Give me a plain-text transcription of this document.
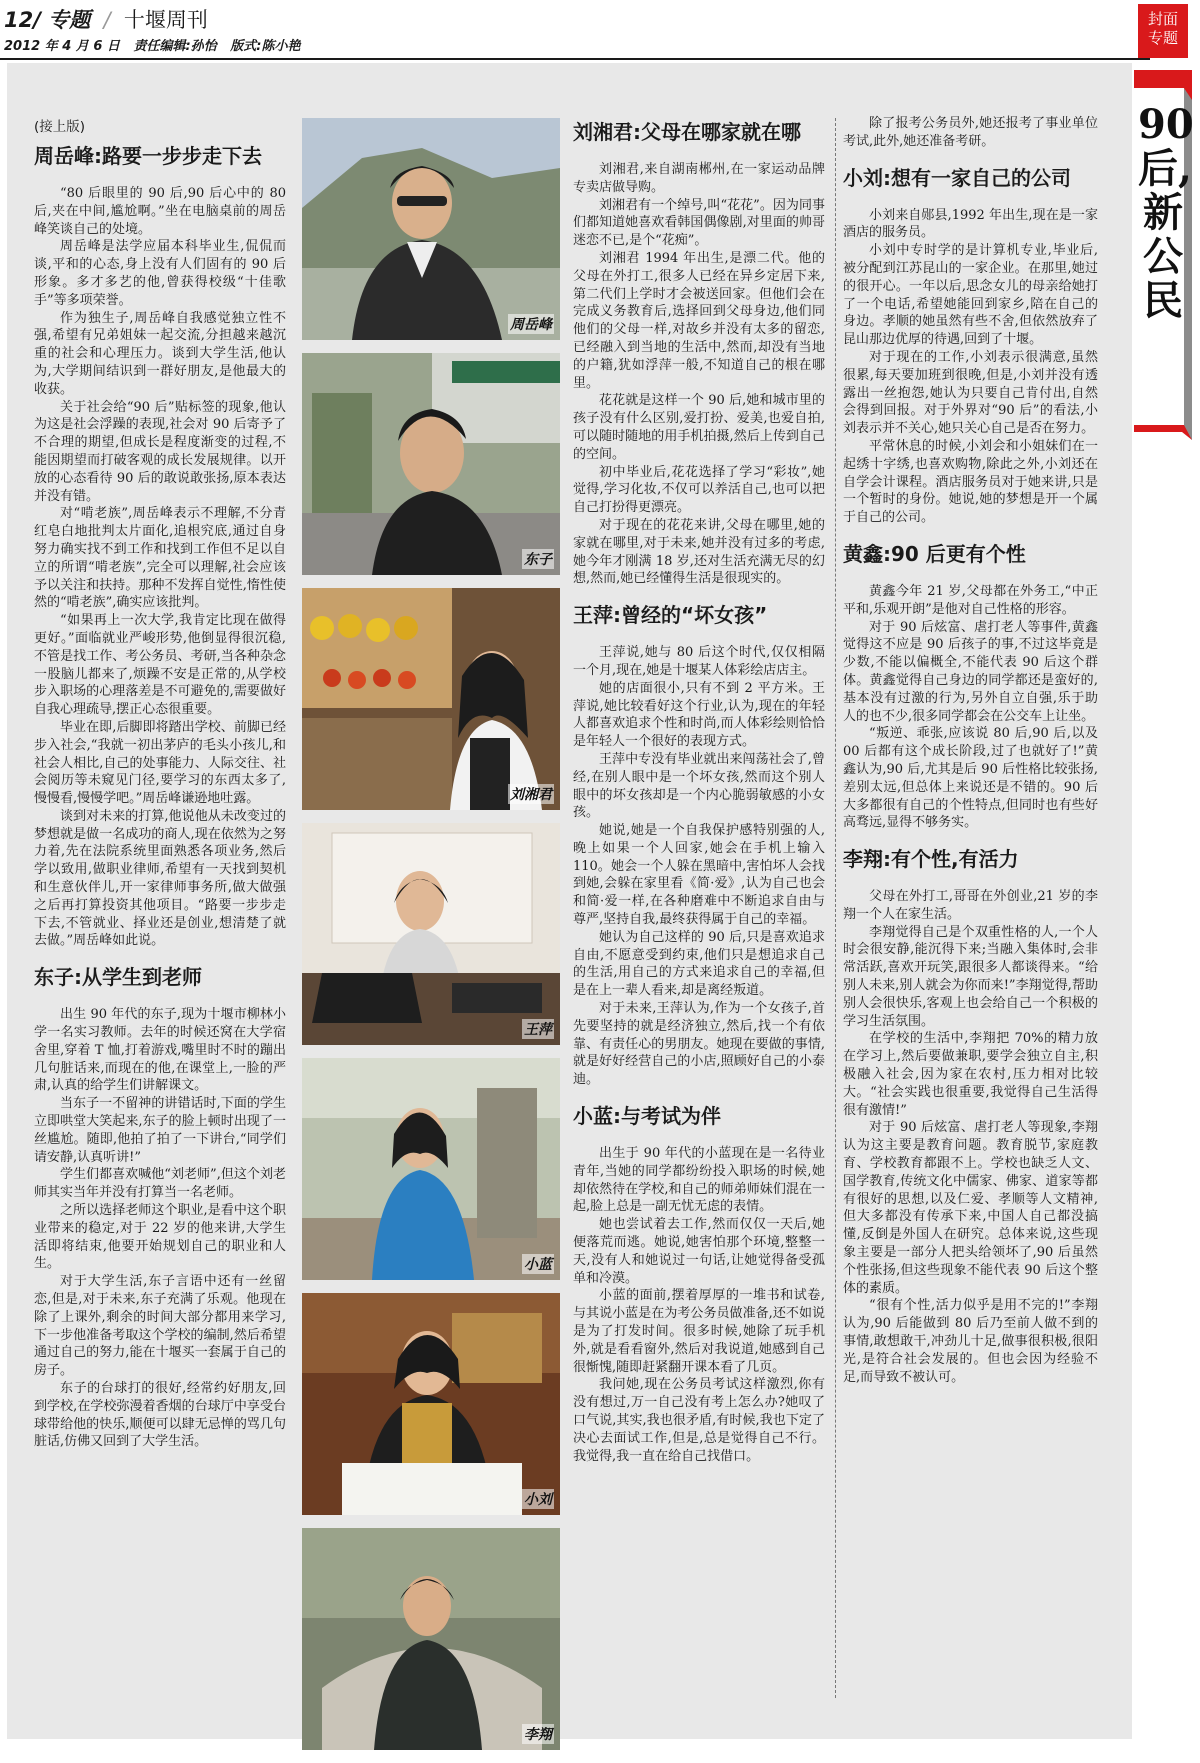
12/ 专题 / 十堰周刊
2012 年 4 月 6 日 责任编辑:孙怡 版式:陈小艳
封面
专题
90后,新公民
(接上版)
周岳峰:路要一步步走下去

“80 后眼里的 90 后,90 后心中的 80 后,夹在中间,尴尬啊。”坐在电脑桌前的周岳峰笑谈自己的处境。

周岳峰是法学应届本科毕业生,侃侃而谈,平和的心态,身上没有人们固有的 90 后形象。多才多艺的他,曾获得校级“十佳歌手”等多项荣誉。

作为独生子,周岳峰自我感觉独立性不强,希望有兄弟姐妹一起交流,分担越来越沉重的社会和心理压力。谈到大学生活,他认为,大学期间结识到一群好朋友,是他最大的收获。

关于社会给“90 后”贴标签的现象,他认为这是社会浮躁的表现,社会对 90 后寄予了不合理的期望,但成长是程度渐变的过程,不能因期望而打破客观的成长发展规律。以开放的心态看待 90 后的敢说敢张扬,原本表达并没有错。

对“啃老族”,周岳峰表示不理解,不分青红皂白地批判太片面化,追根究底,通过自身努力确实找不到工作和找到工作但不足以自立的所谓“啃老族”,完全可以理解,社会应该予以关注和扶持。那种不发挥自觉性,惰性使然的“啃老族”,确实应该批判。

“如果再上一次大学,我肯定比现在做得更好。”面临就业严峻形势,他倒显得很沉稳,不管是找工作、考公务员、考研,当各种杂念一股脑儿都来了,烦躁不安是正常的,从学校步入职场的心理落差是不可避免的,需要做好自我心理疏导,摆正心态很重要。

毕业在即,后脚即将踏出学校、前脚已经步入社会,“我就一初出茅庐的毛头小孩儿,和社会人相比,自己的处事能力、人际交往、社会阅历等未窥见门径,要学习的东西太多了,慢慢看,慢慢学吧。”周岳峰谦逊地吐露。

谈到对未来的打算,他说他从未改变过的梦想就是做一名成功的商人,现在依然为之努力着,先在法院系统里面熟悉各项业务,然后学以致用,做职业律师,希望有一天找到契机和生意伙伴儿,开一家律师事务所,做大做强之后再打算投资其他项目。“路要一步步走下去,不管就业、择业还是创业,想清楚了就去做。”周岳峰如此说。

东子:从学生到老师

出生 90 年代的东子,现为十堰市柳林小学一名实习教师。去年的时候还窝在大学宿舍里,穿着 T 恤,打着游戏,嘴里时不时的蹦出几句脏话来,而现在的他,在课堂上,一脸的严肃,认真的给学生们讲解课文。

当东子一不留神的讲错话时,下面的学生立即哄堂大笑起来,东子的脸上顿时出现了一丝尴尬。随即,他拍了拍了一下讲台,“同学们请安静,认真听讲!”

学生们都喜欢喊他“刘老师”,但这个刘老师其实当年并没有打算当一名老师。

之所以选择老师这个职业,是看中这个职业带来的稳定,对于 22 岁的他来讲,大学生活即将结束,他要开始规划自己的职业和人生。

对于大学生活,东子言语中还有一丝留恋,但是,对于未来,东子充满了乐观。他现在除了上课外,剩余的时间大部分都用来学习,下一步他准备考取这个学校的编制,然后希望通过自己的努力,能在十堰买一套属于自己的房子。

东子的台球打的很好,经常约好朋友,回到学校,在学校弥漫着香烟的台球厅中享受台球带给他的快乐,顺便可以肆无忌惮的骂几句脏话,仿佛又回到了大学生活。

周岳峰
东子
刘湘君
王萍
小蓝
小刘
李翔
刘湘君:父母在哪家就在哪

刘湘君,来自湖南郴州,在一家运动品牌专卖店做导购。

刘湘君有一个绰号,叫“花花”。因为同事们都知道她喜欢看韩国偶像剧,对里面的帅哥迷恋不已,是个“花痴”。

刘湘君 1994 年出生,是漂二代。他的父母在外打工,很多人已经在异乡定居下来,第二代们上学时才会被送回家。但他们会在完成义务教育后,选择回到父母身边,他们同他们的父母一样,对故乡并没有太多的留恋,已经融入到当地的生活中,然而,却没有当地的户籍,犹如浮萍一般,不知道自己的根在哪里。

花花就是这样一个 90 后,她和城市里的孩子没有什么区别,爱打扮、爱美,也爱自拍,可以随时随地的用手机拍摄,然后上传到自己的空间。

初中毕业后,花花选择了学习“彩妆”,她觉得,学习化妆,不仅可以养活自己,也可以把自己打扮得更漂亮。

对于现在的花花来讲,父母在哪里,她的家就在哪里,对于未来,她并没有过多的考虑,她今年才刚满 18 岁,还对生活充满无尽的幻想,然而,她已经懂得生活是很现实的。

王萍:曾经的“坏女孩”

王萍说,她与 80 后这个时代,仅仅相隔一个月,现在,她是十堰某人体彩绘店店主。

她的店面很小,只有不到 2 平方米。王萍说,她比较看好这个行业,认为,现在的年轻人都喜欢追求个性和时尚,而人体彩绘则恰恰是年轻人一个很好的表现方式。

王萍中专没有毕业就出来闯荡社会了,曾经,在别人眼中是一个坏女孩,然而这个别人眼中的坏女孩却是一个内心脆弱敏感的小女孩。

她说,她是一个自我保护感特别强的人,晚上如果一个人回家,她会在手机上输入 110。她会一个人躲在黑暗中,害怕坏人会找到她,会躲在家里看《简·爱》,认为自己也会和简·爱一样,在各种磨难中不断追求自由与尊严,坚持自我,最终获得属于自己的幸福。

她认为自己这样的 90 后,只是喜欢追求自由,不愿意受到约束,他们只是想追求自己的生活,用自己的方式来追求自己的幸福,但是在上一辈人看来,却是离经叛道。

对于未来,王萍认为,作为一个女孩子,首先要坚持的就是经济独立,然后,找一个有依靠、有责任心的男朋友。她现在要做的事情,就是好好经营自己的小店,照顾好自己的小泰迪。

小蓝:与考试为伴

出生于 90 年代的小蓝现在是一名待业青年,当她的同学都纷纷投入职场的时候,她却依然待在学校,和自己的师弟师妹们混在一起,脸上总是一副无忧无虑的表情。

她也尝试着去工作,然而仅仅一天后,她便落荒而逃。她说,她害怕那个环境,整整一天,没有人和她说过一句话,让她觉得备受孤单和冷漠。

小蓝的面前,摆着厚厚的一堆书和试卷,与其说小蓝是在为考公务员做准备,还不如说是为了打发时间。很多时候,她除了玩手机外,就是看看窗外,然后对我说道,她感到自己很惭愧,随即赶紧翻开课本看了几页。

我问她,现在公务员考试这样激烈,你有没有想过,万一自己没有考上怎么办?她叹了口气说,其实,我也很矛盾,有时候,我也下定了决心去面试工作,但是,总是觉得自己不行。我觉得,我一直在给自己找借口。

除了报考公务员外,她还报考了事业单位考试,此外,她还准备考研。

小刘:想有一家自己的公司

小刘来自郧县,1992 年出生,现在是一家酒店的服务员。

小刘中专时学的是计算机专业,毕业后,被分配到江苏昆山的一家企业。在那里,她过的很开心。一年以后,思念女儿的母亲给她打了一个电话,希望她能回到家乡,陪在自己的身边。孝顺的她虽然有些不舍,但依然放弃了昆山那边优厚的待遇,回到了十堰。

对于现在的工作,小刘表示很满意,虽然很累,每天要加班到很晚,但是,小刘并没有透露出一丝抱怨,她认为只要自己肯付出,自然会得到回报。对于外界对“90 后”的看法,小刘表示并不关心,她只关心自己是否在努力。

平常休息的时候,小刘会和小姐妹们在一起绣十字绣,也喜欢购物,除此之外,小刘还在自学会计课程。酒店服务员对于她来讲,只是一个暂时的身份。她说,她的梦想是开一个属于自己的公司。

黄鑫:90 后更有个性

黄鑫今年 21 岁,父母都在外务工,“中正平和,乐观开朗”是他对自己性格的形容。

对于 90 后炫富、虐打老人等事件,黄鑫觉得这不应是 90 后孩子的事,不过这毕竟是少数,不能以偏概全,不能代表 90 后这个群体。黄鑫觉得自己身边的同学都还是蛮好的,基本没有过激的行为,另外自立自强,乐于助人的也不少,很多同学都会在公交车上让坐。

“叛逆、乖张,应该说 80 后,90 后,以及 00 后都有这个成长阶段,过了也就好了!”黄鑫认为,90 后,尤其是后 90 后性格比较张扬,差别太远,但总体上来说还是不错的。90 后大多都很有自己的个性特点,但同时也有些好高骛远,显得不够务实。

李翔:有个性,有活力

父母在外打工,哥哥在外创业,21 岁的李翔一个人在家生活。

李翔觉得自己是个双重性格的人,一个人时会很安静,能沉得下来;当融入集体时,会非常活跃,喜欢开玩笑,跟很多人都谈得来。“给别人未来,别人就会为你而来!”李翔觉得,帮助别人会很快乐,客观上也会给自己一个积极的学习生活氛围。

在学校的生活中,李翔把 70%的精力放在学习上,然后要做兼职,要学会独立自主,积极融入社会,因为家在农村,压力相对比较大。“社会实践也很重要,我觉得自己生活得很有激情!”

对于 90 后炫富、虐打老人等现象,李翔认为这主要是教育问题。教育脱节,家庭教育、学校教育都跟不上。学校也缺乏人文、国学教育,传统文化中儒家、佛家、道家等都有很好的思想,以及仁爱、孝顺等人文精神,但大多都没有传承下来,中国人自己都没搞懂,反倒是外国人在研究。总体来说,这些现象主要是一部分人把头给领坏了,90 后虽然个性张扬,但这些现象不能代表 90 后这个整体的素质。

“很有个性,活力似乎是用不完的!”李翔认为,90 后能做到 80 后乃至前人做不到的事情,敢想敢干,冲劲儿十足,做事很积极,很阳光,是符合社会发展的。但也会因为经验不足,而导致不被认可。
